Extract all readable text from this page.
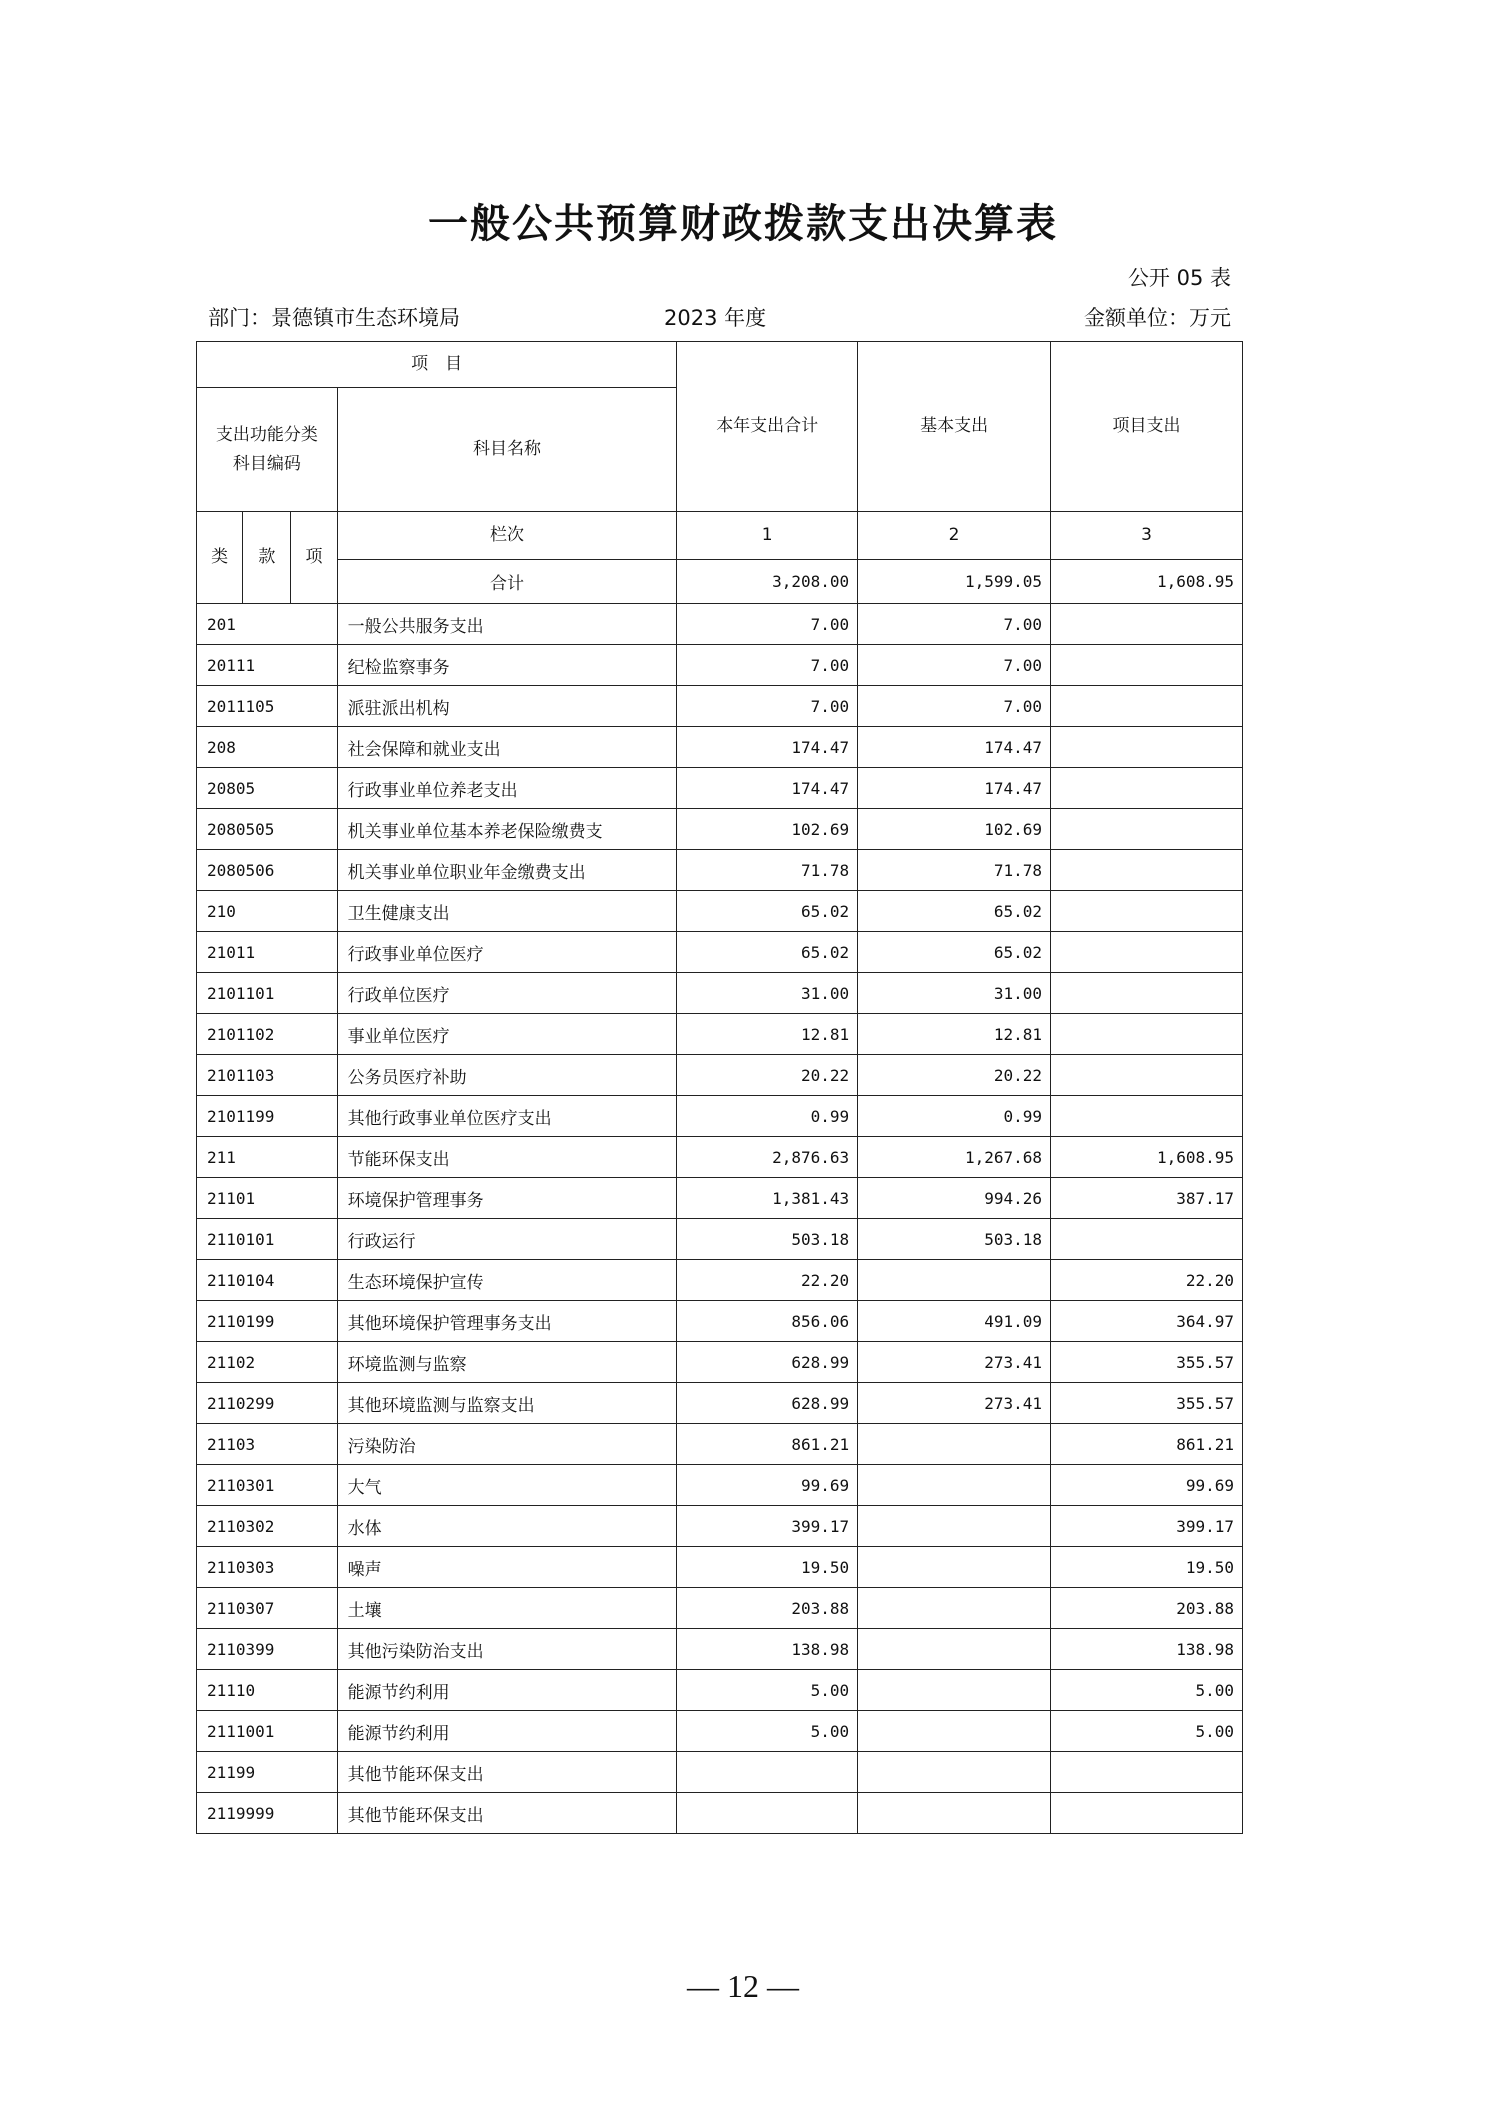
一般公共预算财政拨款支出决算表
公开 05 表
部门：景德镇市生态环境局	2023 年度	金额单位：万元
项　目				本年支出合计	基本支出	项目支出
支出功能分类
科目编码			科目名称			
类	款	项	栏次	1	2	3
			合计	3,208.00	1,599.05	1,608.95
201			一般公共服务支出	7.00	7.00	
20111			纪检监察事务	7.00	7.00	
2011105			派驻派出机构	7.00	7.00	
208			社会保障和就业支出	174.47	174.47	
20805			行政事业单位养老支出	174.47	174.47	
2080505			机关事业单位基本养老保险缴费支	102.69	102.69	
2080506			机关事业单位职业年金缴费支出	71.78	71.78	
210			卫生健康支出	65.02	65.02	
21011			行政事业单位医疗	65.02	65.02	
2101101			行政单位医疗	31.00	31.00	
2101102			事业单位医疗	12.81	12.81	
2101103			公务员医疗补助	20.22	20.22	
2101199			其他行政事业单位医疗支出	0.99	0.99	
211			节能环保支出	2,876.63	1,267.68	1,608.95
21101			环境保护管理事务	1,381.43	994.26	387.17
2110101			行政运行	503.18	503.18	
2110104			生态环境保护宣传	22.20		22.20
2110199			其他环境保护管理事务支出	856.06	491.09	364.97
21102			环境监测与监察	628.99	273.41	355.57
2110299			其他环境监测与监察支出	628.99	273.41	355.57
21103			污染防治	861.21		861.21
2110301			大气	99.69		99.69
2110302			水体	399.17		399.17
2110303			噪声	19.50		19.50
2110307			土壤	203.88		203.88
2110399			其他污染防治支出	138.98		138.98
21110			能源节约利用	5.00		5.00
2111001			能源节约利用	5.00		5.00
21199			其他节能环保支出			
2119999			其他节能环保支出			
— 12 —
